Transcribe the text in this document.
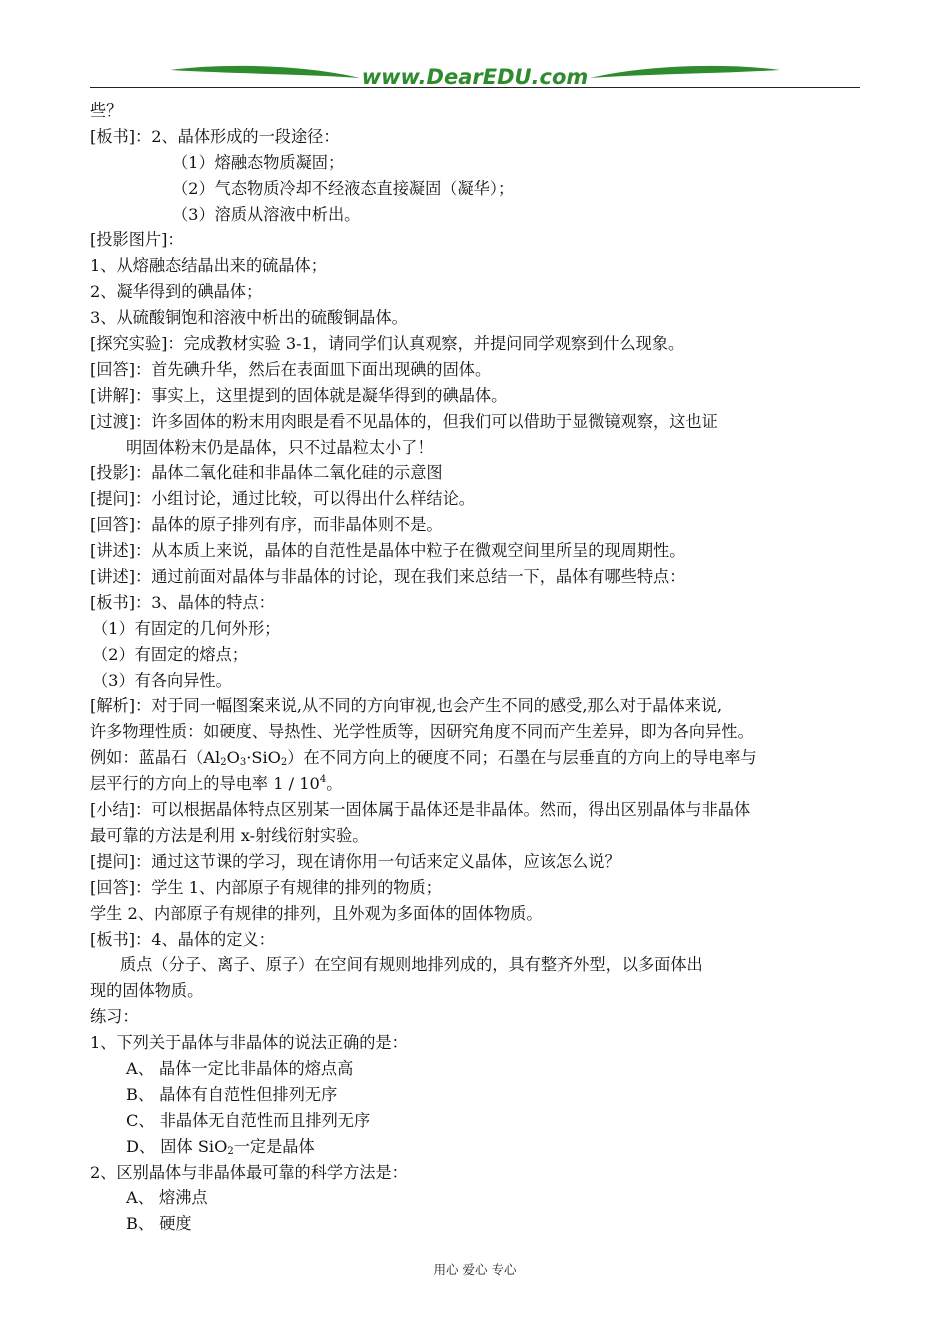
www.DearEDU.com
些？
[板书]：2、晶体形成的一段途径：
（1）熔融态物质凝固；
（2）气态物质冷却不经液态直接凝固（凝华）；
（3）溶质从溶液中析出。
[投影图片]：
1、从熔融态结晶出来的硫晶体；
2、凝华得到的碘晶体；
3、从硫酸铜饱和溶液中析出的硫酸铜晶体。
[探究实验]：完成教材实验 3-1，请同学们认真观察，并提问同学观察到什么现象。
[回答]：首先碘升华，然后在表面皿下面出现碘的固体。
[讲解]：事实上，这里提到的固体就是凝华得到的碘晶体。
[过渡]：许多固体的粉末用肉眼是看不见晶体的，但我们可以借助于显微镜观察，这也证
明固体粉末仍是晶体，只不过晶粒太小了！
[投影]：晶体二氧化硅和非晶体二氧化硅的示意图
[提问]：小组讨论，通过比较，可以得出什么样结论。
[回答]：晶体的原子排列有序，而非晶体则不是。
[讲述]：从本质上来说，晶体的自范性是晶体中粒子在微观空间里所呈的现周期性。
[讲述]：通过前面对晶体与非晶体的讨论，现在我们来总结一下，晶体有哪些特点：
[板书]：3、晶体的特点：
（1）有固定的几何外形；
（2）有固定的熔点；
（3）有各向异性。
[解析]：对于同一幅图案来说,从不同的方向审视,也会产生不同的感受,那么对于晶体来说,
许多物理性质：如硬度、导热性、光学性质等，因研究角度不同而产生差异，即为各向异性。
例如：蓝晶石$(Al_2O_3\cdot SiO_2)$在不同方向上的硬度不同；石墨在与层垂直的方向上的导电率与
层平行的方向上的导电率 $1 / 10^4$。
[小结]：可以根据晶体特点区别某一固体属于晶体还是非晶体。然而，得出区别晶体与非晶体
最可靠的方法是利用 x-射线衍射实验。
[提问]：通过这节课的学习，现在请你用一句话来定义晶体，应该怎么说？
[回答]：学生 1、内部原子有规律的排列的物质；
学生 2、内部原子有规律的排列，且外观为多面体的固体物质。
[板书]：4、晶体的定义：
质点（分子、离子、原子）在空间有规则地排列成的，具有整齐外型，以多面体出
现的固体物质。
练习：
1、下列关于晶体与非晶体的说法正确的是：
A、 晶体一定比非晶体的熔点高
B、 晶体有自范性但排列无序
C、 非晶体无自范性而且排列无序
D、 固体 SiO$_2$一定是晶体
2、区别晶体与非晶体最可靠的科学方法是：
A、 熔沸点
B、 硬度
用心 爱心 专心
